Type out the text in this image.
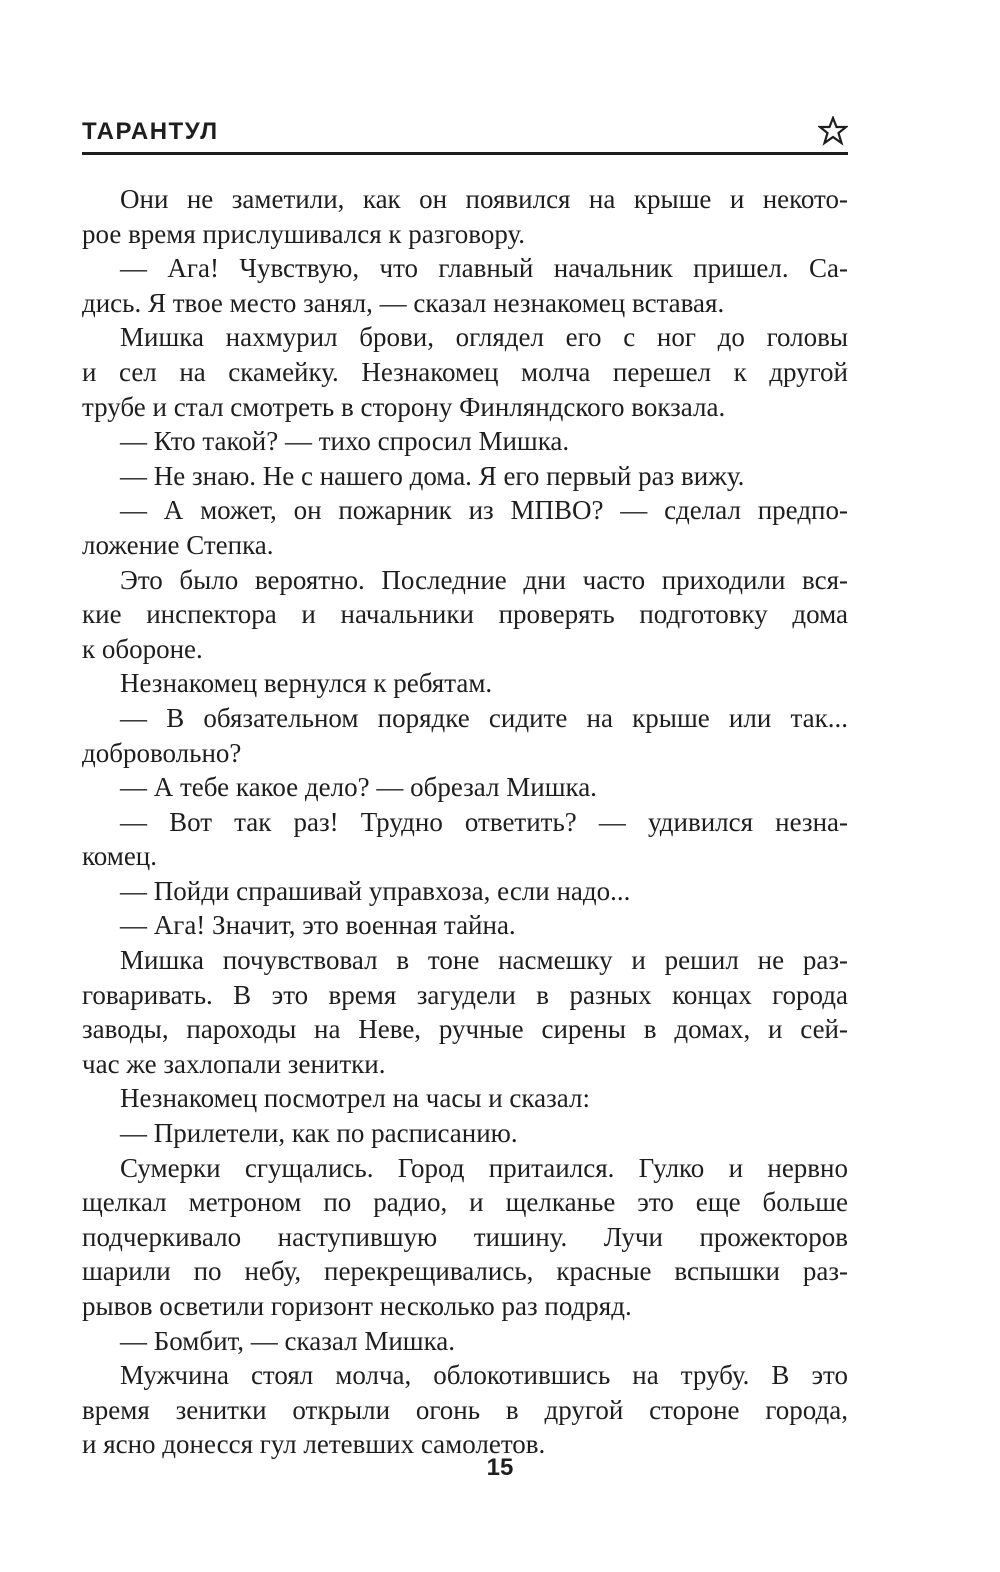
ТАРАНТУЛ
Они не заметили, как он появился на крыше и некото-
рое время прислушивался к разговору.
— Ага! Чувствую, что главный начальник пришел. Са-
дись. Я твое место занял, — сказал незнакомец вставая.
Мишка нахмурил брови, оглядел его с ног до головы
и сел на скамейку. Незнакомец молча перешел к другой
трубе и стал смотреть в сторону Финляндского вокзала.
— Кто такой? — тихо спросил Мишка.
— Не знаю. Не с нашего дома. Я его первый раз вижу.
— А может, он пожарник из МПВО? — сделал предпо-
ложение Степка.
Это было вероятно. Последние дни часто приходили вся-
кие инспектора и начальники проверять подготовку дома
к обороне.
Незнакомец вернулся к ребятам.
— В обязательном порядке сидите на крыше или так...
добровольно?
— А тебе какое дело? — обрезал Мишка.
— Вот так раз! Трудно ответить? — удивился незна-
комец.
— Пойди спрашивай управхоза, если надо...
— Ага! Значит, это военная тайна.
Мишка почувствовал в тоне насмешку и решил не раз-
говаривать. В это время загудели в разных концах города
заводы, пароходы на Неве, ручные сирены в домах, и сей-
час же захлопали зенитки.
Незнакомец посмотрел на часы и сказал:
— Прилетели, как по расписанию.
Сумерки сгущались. Город притаился. Гулко и нервно
щелкал метроном по радио, и щелканье это еще больше
подчеркивало наступившую тишину. Лучи прожекторов
шарили по небу, перекрещивались, красные вспышки раз-
рывов осветили горизонт несколько раз подряд.
— Бомбит, — сказал Мишка.
Мужчина стоял молча, облокотившись на трубу. В это
время зенитки открыли огонь в другой стороне города,
и ясно донесся гул летевших самолетов.
15
